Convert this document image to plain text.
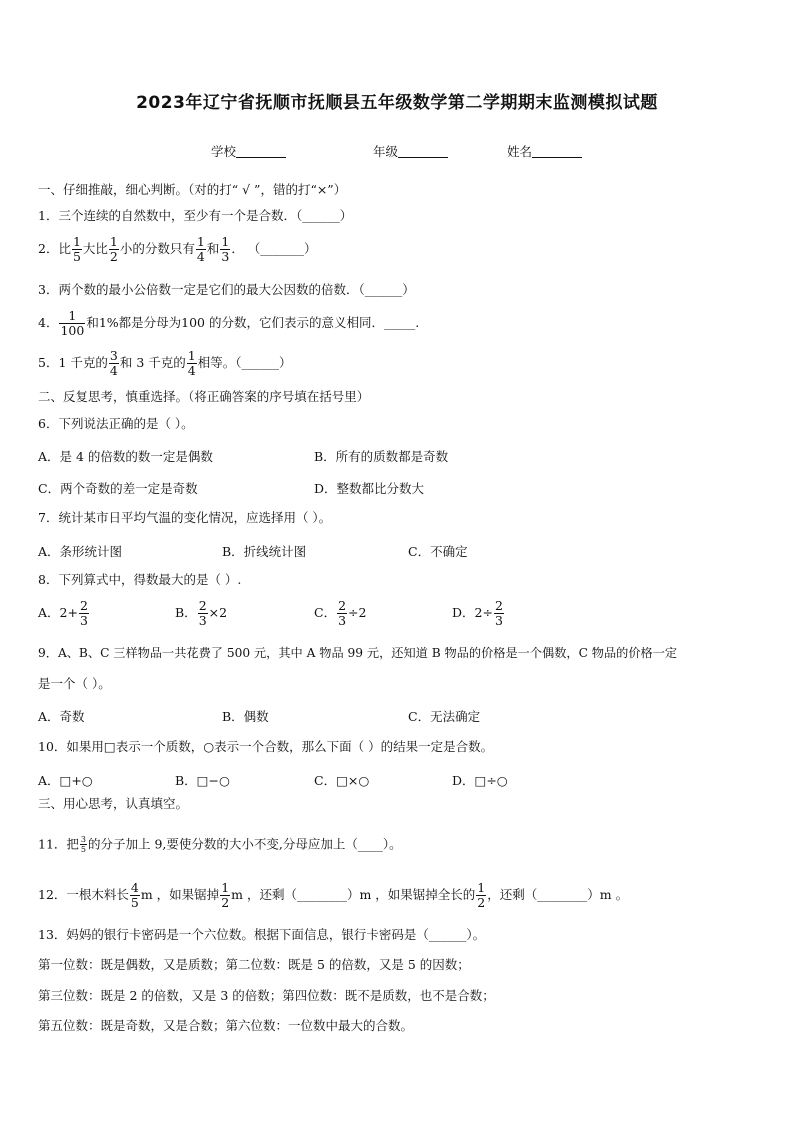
2023年辽宁省抚顺市抚顺县五年级数学第二学期期末监测模拟试题
学校	年级	姓名
一、仔细推敲，细心判断。（对的打“ √ ”，错的打“×”）
1．三个连续的自然数中，至少有一个是合数．（______）
2．比 $\frac{1}{5}$ 大比 $\frac{1}{2}$ 小的分数只有 $\frac{1}{4}$ 和 $\frac{1}{3}$ ． （_______）
3．两个数的最小公倍数一定是它们的最大公因数的倍数．（______）
4． $\frac{1}{100}$ 和1%都是分母为100 的分数，它们表示的意义相同．_____.
5．1 千克的 $\frac{3}{4}$ 和 3 千克的 $\frac{1}{4}$ 相等。（______）
二、反复思考，慎重选择。（将正确答案的序号填在括号里）
6．下列说法正确的是（ ）。
A．是 4 的倍数的数一定是偶数	B．所有的质数都是奇数
C．两个奇数的差一定是奇数	D．整数都比分数大
7．统计某市日平均气温的变化情况，应选择用（ ）。
A．条形统计图	B．折线统计图	C．不确定
8．下列算式中，得数最大的是（ ）.
A．$2+ \frac{2}{3}$	B． $\frac{2}{3} \times 2$	C． $\frac{2}{3} \div 2$	D．$2\div \frac{2}{3}$
9．A、B、C 三样物品一共花费了 500 元，其中 A 物品 99 元，还知道 B 物品的价格是一个偶数，C 物品的价格一定
是一个（ ）。
A．奇数	B．偶数	C．无法确定
10．如果用□表示一个质数，○表示一个合数，那么下面（ ）的结果一定是合数。
A．□+○	B．□−○	C．□×○	D．□÷○
三、用心思考，认真填空。
11．把 $\frac{3}{5}$ 的分子加上 9,要使分数的大小不变,分母应加上（____）。
12．一根木料长 $\frac{4}{5}$ m ，如果锯掉 $\frac{1}{2}$ m ，还剩（________）m ，如果锯掉全长的 $\frac{1}{2}$ ，还剩（________）m 。
13．妈妈的银行卡密码是一个六位数。根据下面信息，银行卡密码是（______）。
第一位数：既是偶数，又是质数；第二位数：既是 5 的倍数，又是 5 的因数；
第三位数：既是 2 的倍数，又是 3 的倍数；第四位数：既不是质数，也不是合数；
第五位数：既是奇数，又是合数；第六位数：一位数中最大的合数。
